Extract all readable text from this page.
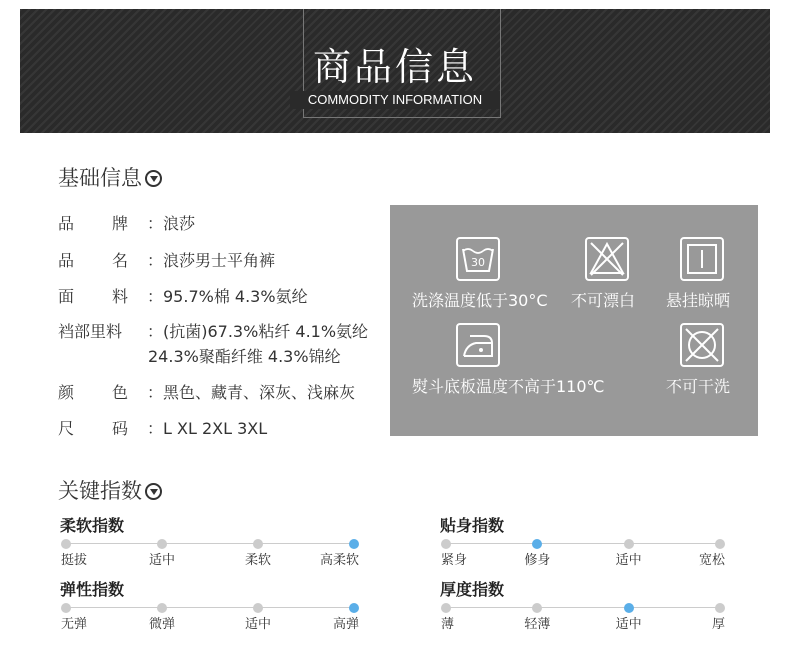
商品信息
COMMODITY INFORMATION
基础信息
品 牌	：浪莎
品 名	：浪莎男士平角裤
面 料	：95.7%棉 4.3%氨纶
裆部里料	：(抗菌)67.3%粘纤 4.1%氨纶
24.3%聚酯纤维 4.3%锦纶
颜 色	：黑色、藏青、深灰、浅麻灰
尺 码	：L XL 2XL 3XL
30
洗涤温度低于30°C 不可漂白 悬挂晾晒
熨斗底板温度不高于110℃	不可干洗
关键指数
柔软指数
挺拔	适中	柔软	高柔软
贴身指数
紧身	修身	适中	宽松
弹性指数
无弹	微弹	适中	高弹
厚度指数
薄	轻薄	适中	厚
